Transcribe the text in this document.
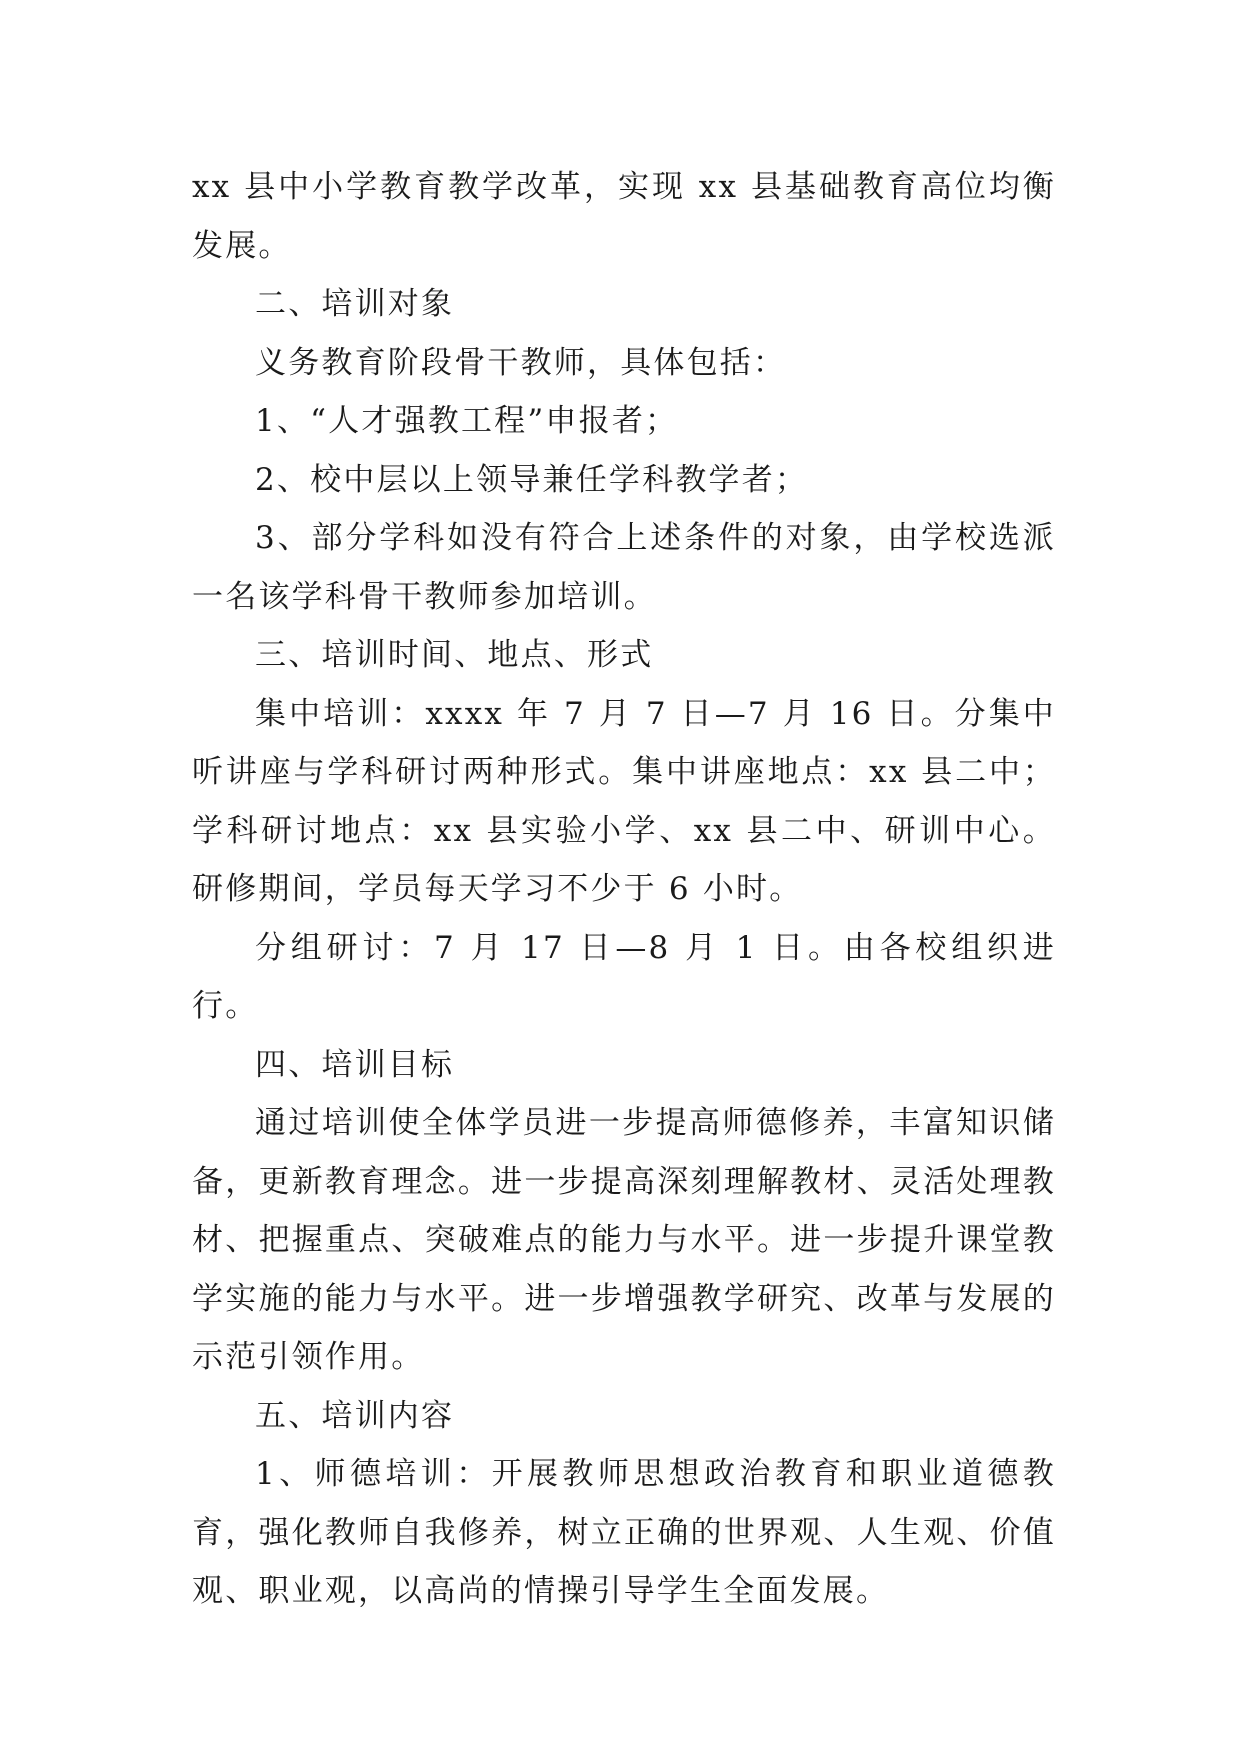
xx 县中小学教育教学改革，实现 xx 县基础教育高位均衡发展。

二、培训对象

义务教育阶段骨干教师，具体包括：

1、“人才强教工程”申报者；

2、校中层以上领导兼任学科教学者；

3、部分学科如没有符合上述条件的对象，由学校选派一名该学科骨干教师参加培训。

三、培训时间、地点、形式

集中培训：xxxx 年 7 月 7 日—7 月 16 日。分集中听讲座与学科研讨两种形式。集中讲座地点：xx 县二中；学科研讨地点：xx 县实验小学、xx 县二中、研训中心。研修期间，学员每天学习不少于 6 小时。

分组研讨：7 月 17 日—8 月 1 日。由各校组织进行。

四、培训目标

通过培训使全体学员进一步提高师德修养，丰富知识储备，更新教育理念。进一步提高深刻理解教材、灵活处理教材、把握重点、突破难点的能力与水平。进一步提升课堂教学实施的能力与水平。进一步增强教学研究、改革与发展的示范引领作用。

五、培训内容

1、师德培训：开展教师思想政治教育和职业道德教育，强化教师自我修养，树立正确的世界观、人生观、价值观、职业观，以高尚的情操引导学生全面发展。
